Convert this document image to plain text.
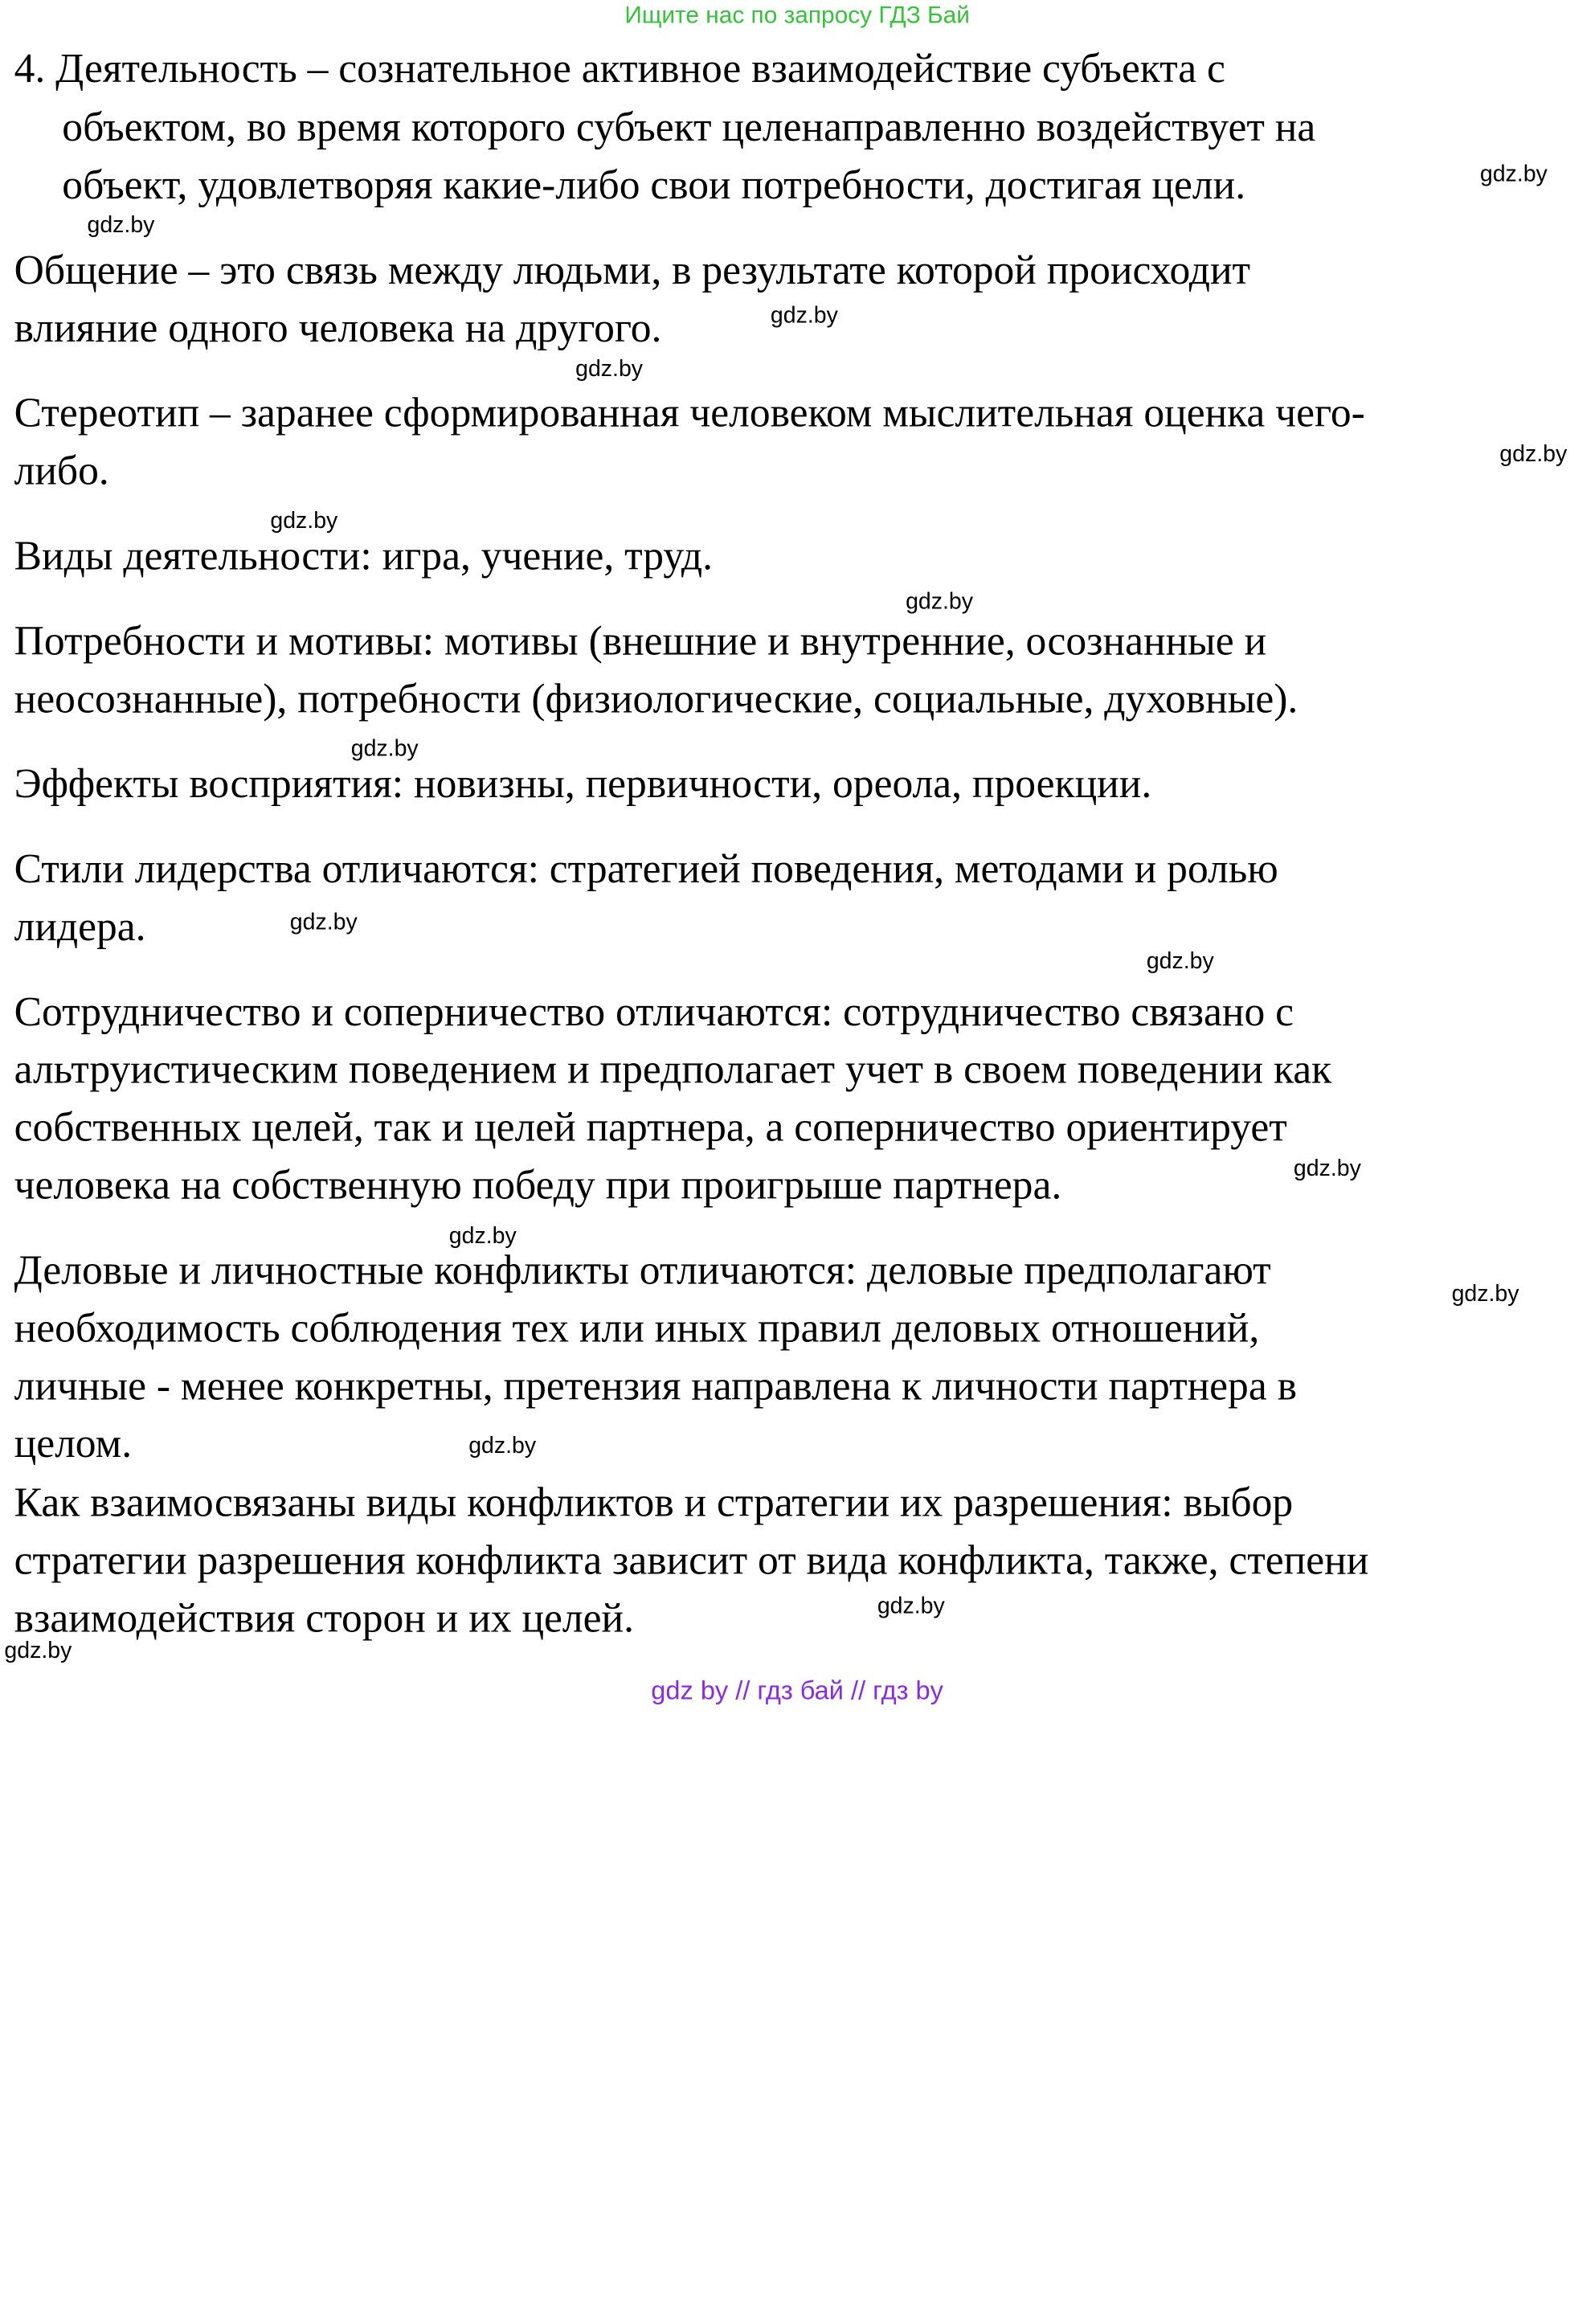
Ищите нас по запросу ГДЗ Бай
4. Деятельность – сознательное активное взаимодействие субъекта с
объектом, во время которого субъект целенаправленно воздействует на
объект, удовлетворяя какие-либо свои потребности, достигая цели.
Общение – это связь между людьми, в результате которой происходит
влияние одного человека на другого.
Стереотип – заранее сформированная человеком мыслительная оценка чего-
либо.
Виды деятельности: игра, учение, труд.
Потребности и мотивы: мотивы (внешние и внутренние, осознанные и
неосознанные), потребности (физиологические, социальные, духовные).
Эффекты восприятия: новизны, первичности, ореола, проекции.
Стили лидерства отличаются: стратегией поведения, методами и ролью
лидера.
Сотрудничество и соперничество отличаются: сотрудничество связано с
альтруистическим поведением и предполагает учет в своем поведении как
собственных целей, так и целей партнера, а соперничество ориентирует
человека на собственную победу при проигрыше партнера.
Деловые и личностные конфликты отличаются: деловые предполагают
необходимость соблюдения тех или иных правил деловых отношений,
личные - менее конкретны, претензия направлена к личности партнера в
целом.
Как взаимосвязаны виды конфликтов и стратегии их разрешения: выбор
стратегии разрешения конфликта зависит от вида конфликта, также, степени
взаимодействия сторон и их целей.
gdz.by
gdz.by
gdz.by
gdz.by
gdz.by
gdz.by
gdz.by
gdz.by
gdz.by
gdz.by
gdz.by
gdz.by
gdz.by
gdz.by
gdz.by
gdz.by
gdz by // гдз бай // гдз by
